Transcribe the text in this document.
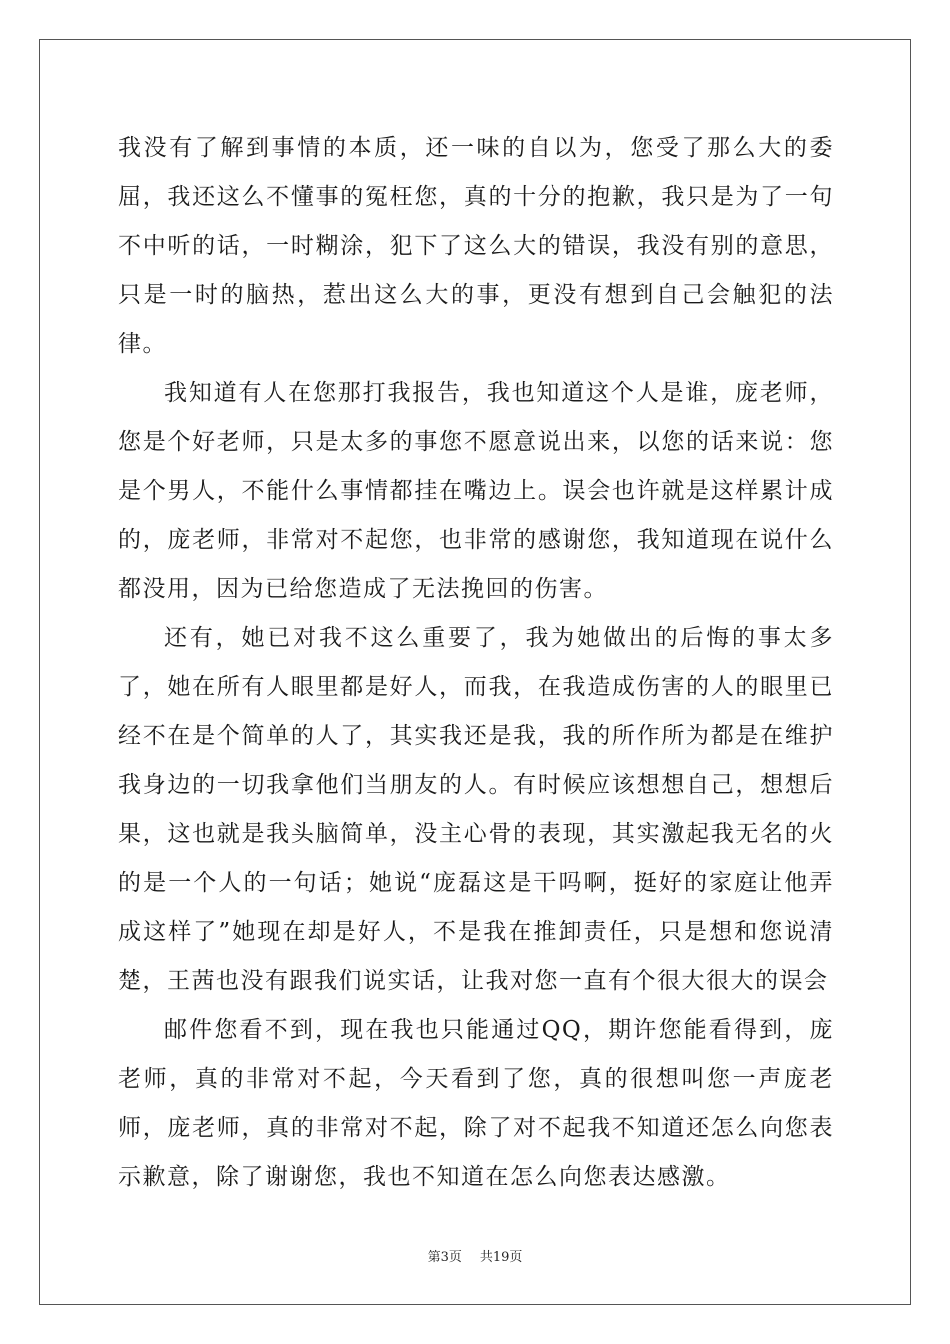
我没有了解到事情的本质，还一味的自以为，您受了那么大的委屈，我还这么不懂事的冤枉您，真的十分的抱歉，我只是为了一句不中听的话，一时糊涂，犯下了这么大的错误，我没有别的意思，只是一时的脑热，惹出这么大的事，更没有想到自己会触犯的法律。

我知道有人在您那打我报告，我也知道这个人是谁，庞老师，您是个好老师，只是太多的事您不愿意说出来，以您的话来说：您是个男人，不能什么事情都挂在嘴边上。误会也许就是这样累计成的，庞老师，非常对不起您，也非常的感谢您，我知道现在说什么都没用，因为已给您造成了无法挽回的伤害。

还有，她已对我不这么重要了，我为她做出的后悔的事太多了，她在所有人眼里都是好人，而我，在我造成伤害的人的眼里已经不在是个简单的人了，其实我还是我，我的所作所为都是在维护我身边的一切我拿他们当朋友的人。有时候应该想想自己，想想后果，这也就是我头脑简单，没主心骨的表现，其实激起我无名的火的是一个人的一句话；她说“庞磊这是干吗啊，挺好的家庭让他弄成这样了”她现在却是好人，不是我在推卸责任，只是想和您说清楚，王茜也没有跟我们说实话，让我对您一直有个很大很大的误会

邮件您看不到，现在我也只能通过QQ，期许您能看得到，庞老师，真的非常对不起，今天看到了您，真的很想叫您一声庞老师，庞老师，真的非常对不起，除了对不起我不知道还怎么向您表示歉意，除了谢谢您，我也不知道在怎么向您表达感激。

第3页 共19页
